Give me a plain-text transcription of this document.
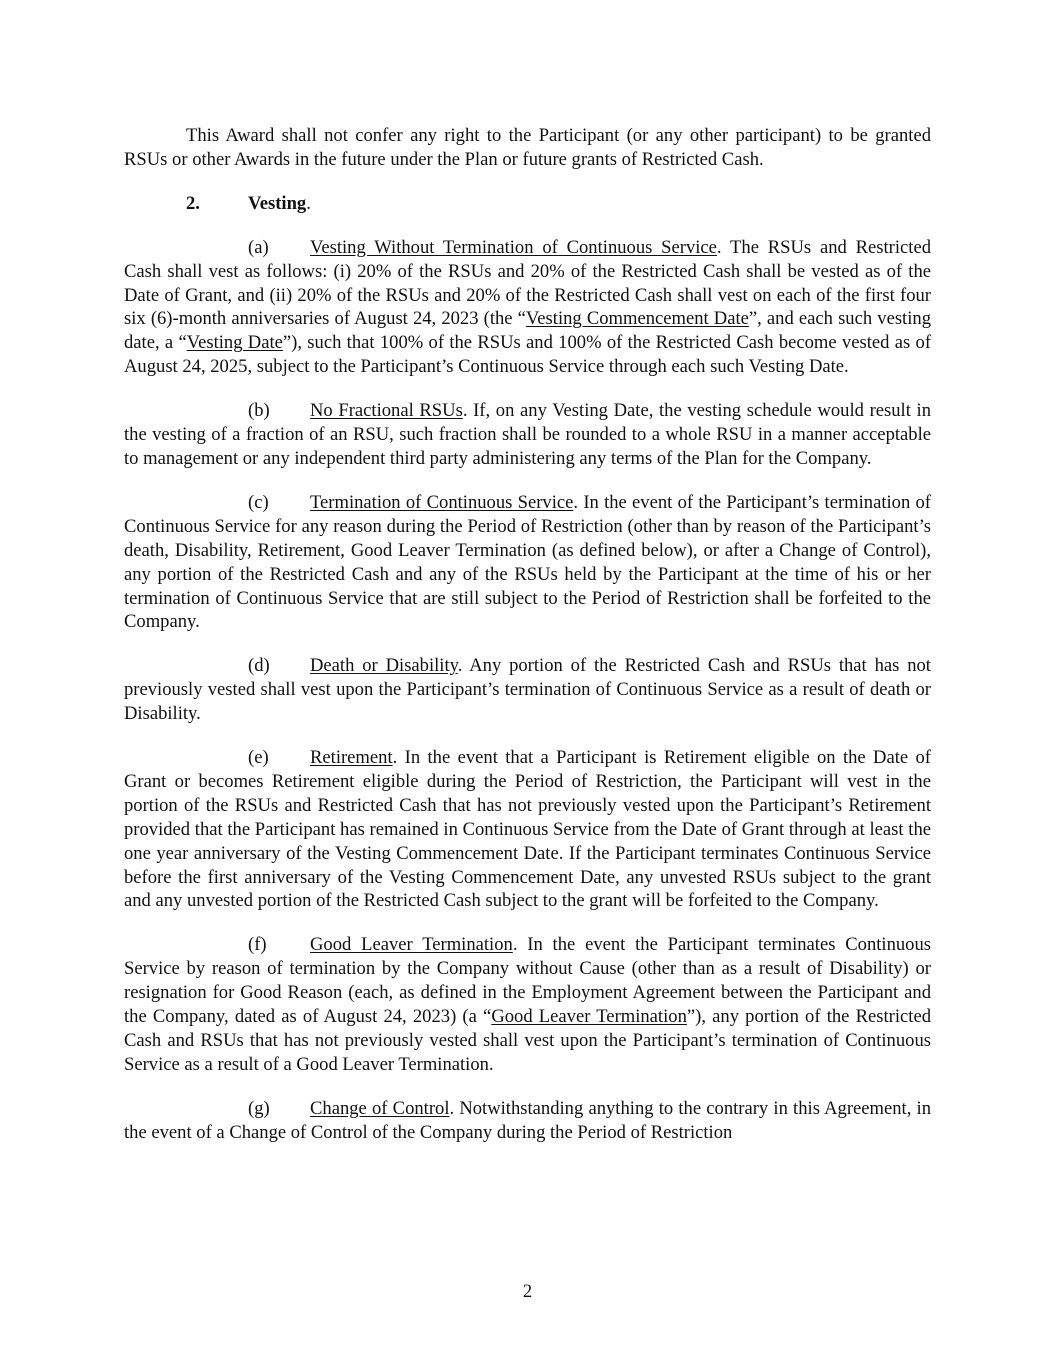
This Award shall not confer any right to the Participant (or any other participant) to be granted RSUs or other Awards in the future under the Plan or future grants of Restricted Cash.

2.	Vesting.

(a) Vesting Without Termination of Continuous Service. The RSUs and Restricted Cash shall vest as follows: (i) 20% of the RSUs and 20% of the Restricted Cash shall be vested as of the Date of Grant, and (ii) 20% of the RSUs and 20% of the Restricted Cash shall vest on each of the first four six (6)-month anniversaries of August 24, 2023 (the “Vesting Commencement Date”, and each such vesting date, a “Vesting Date”), such that 100% of the RSUs and 100% of the Restricted Cash become vested as of August 24, 2025, subject to the Participant’s Continuous Service through each such Vesting Date.

(b) No Fractional RSUs. If, on any Vesting Date, the vesting schedule would result in the vesting of a fraction of an RSU, such fraction shall be rounded to a whole RSU in a manner acceptable to management or any independent third party administering any terms of the Plan for the Company.

(c) Termination of Continuous Service. In the event of the Participant’s termination of Continuous Service for any reason during the Period of Restriction (other than by reason of the Participant’s death, Disability, Retirement, Good Leaver Termination (as defined below), or after a Change of Control), any portion of the Restricted Cash and any of the RSUs held by the Participant at the time of his or her termination of Continuous Service that are still subject to the Period of Restriction shall be forfeited to the Company.

(d) Death or Disability. Any portion of the Restricted Cash and RSUs that has not previously vested shall vest upon the Participant’s termination of Continuous Service as a result of death or Disability.

(e) Retirement. In the event that a Participant is Retirement eligible on the Date of Grant or becomes Retirement eligible during the Period of Restriction, the Participant will vest in the portion of the RSUs and Restricted Cash that has not previously vested upon the Participant’s Retirement provided that the Participant has remained in Continuous Service from the Date of Grant through at least the one year anniversary of the Vesting Commencement Date. If the Participant terminates Continuous Service before the first anniversary of the Vesting Commencement Date, any unvested RSUs subject to the grant and any unvested portion of the Restricted Cash subject to the grant will be forfeited to the Company.

(f) Good Leaver Termination. In the event the Participant terminates Continuous Service by reason of termination by the Company without Cause (other than as a result of Disability) or resignation for Good Reason (each, as defined in the Employment Agreement between the Participant and the Company, dated as of August 24, 2023) (a “Good Leaver Termination”), any portion of the Restricted Cash and RSUs that has not previously vested shall vest upon the Participant’s termination of Continuous Service as a result of a Good Leaver Termination.

(g) Change of Control. Notwithstanding anything to the contrary in this Agreement, in the event of a Change of Control of the Company during the Period of Restriction

2
